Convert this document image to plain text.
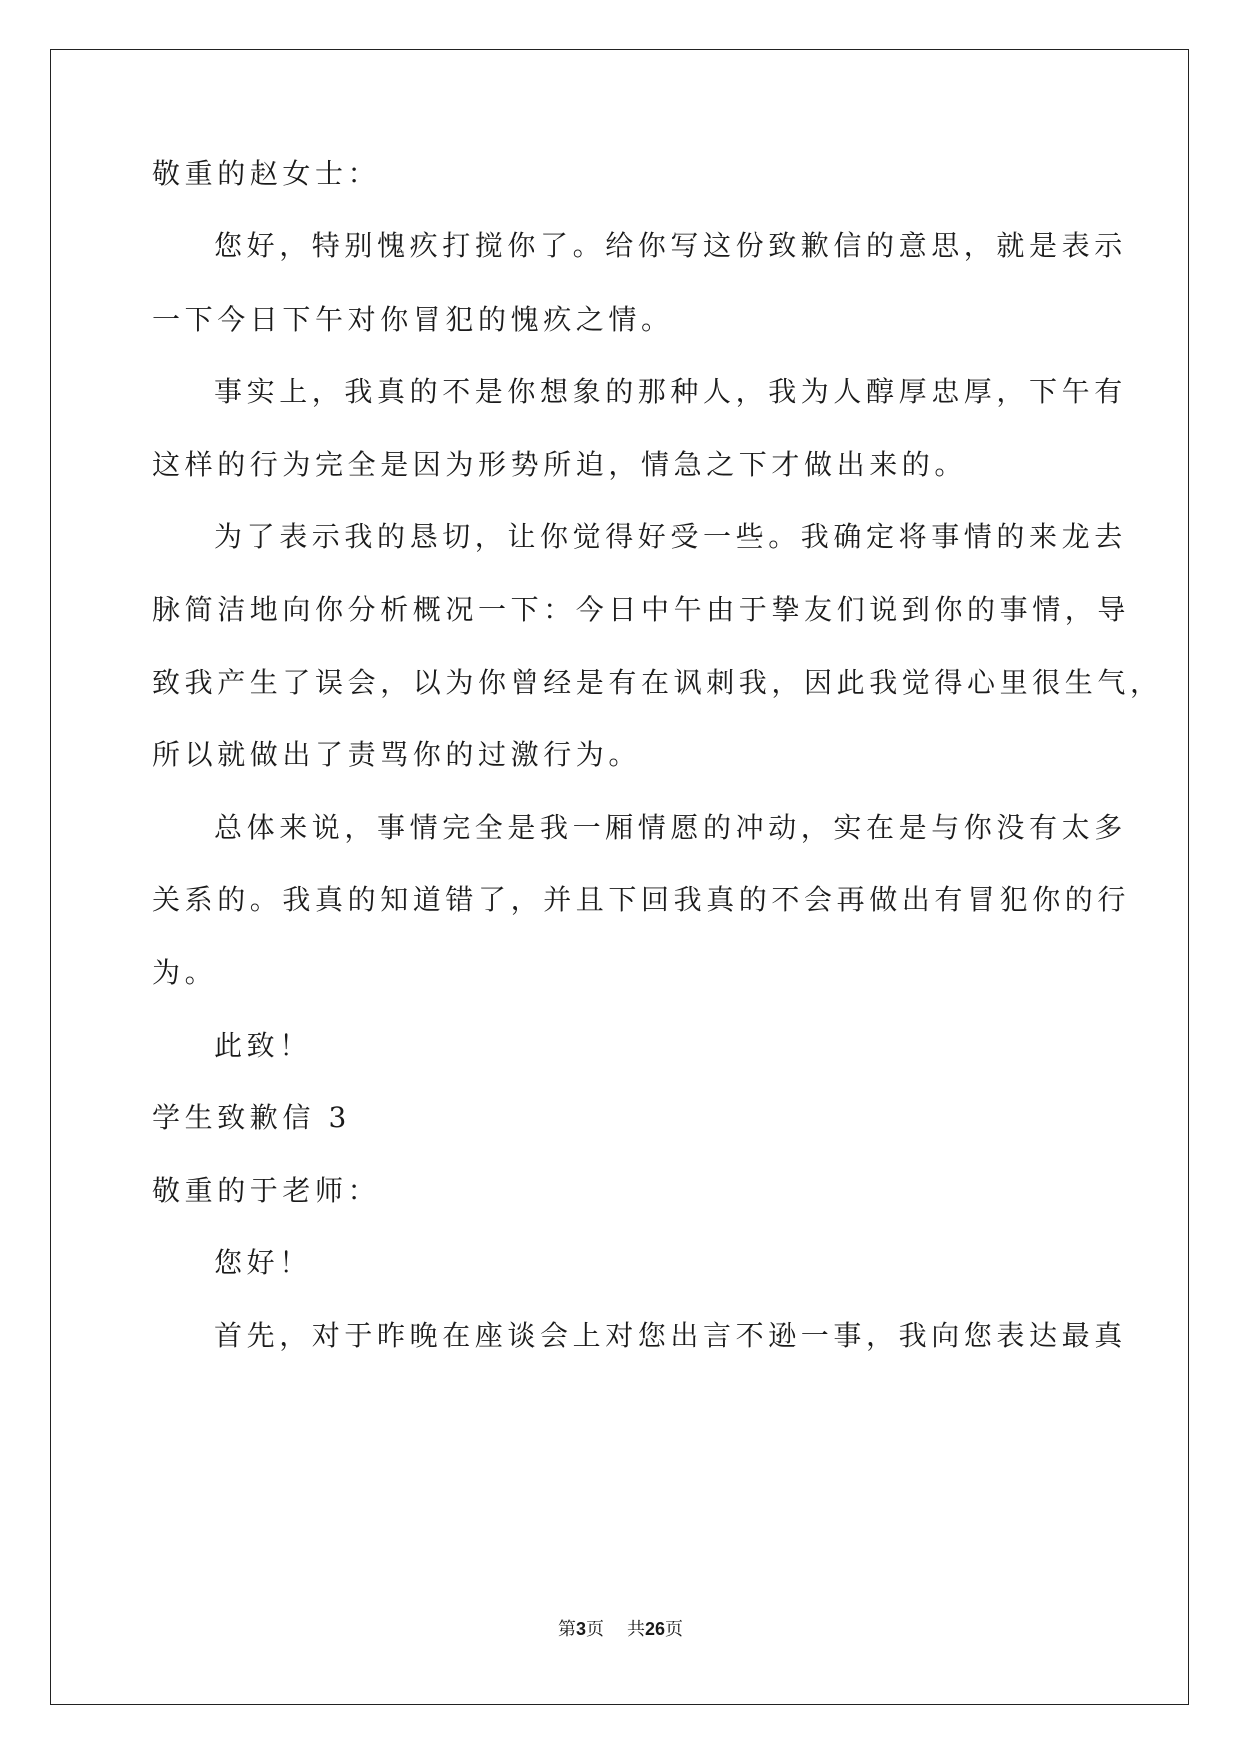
敬重的赵女士：
您好，特别愧疚打搅你了。给你写这份致歉信的意思，就是表示
一下今日下午对你冒犯的愧疚之情。
事实上，我真的不是你想象的那种人，我为人醇厚忠厚，下午有
这样的行为完全是因为形势所迫，情急之下才做出来的。
为了表示我的恳切，让你觉得好受一些。我确定将事情的来龙去
脉简洁地向你分析概况一下：今日中午由于挚友们说到你的事情，导
致我产生了误会，以为你曾经是有在讽刺我，因此我觉得心里很生气，
所以就做出了责骂你的过激行为。
总体来说，事情完全是我一厢情愿的冲动，实在是与你没有太多
关系的。我真的知道错了，并且下回我真的不会再做出有冒犯你的行
为。
此致！
学生致歉信 3
敬重的于老师：
您好！
首先，对于昨晚在座谈会上对您出言不逊一事，我向您表达最真
第3页 共26页
